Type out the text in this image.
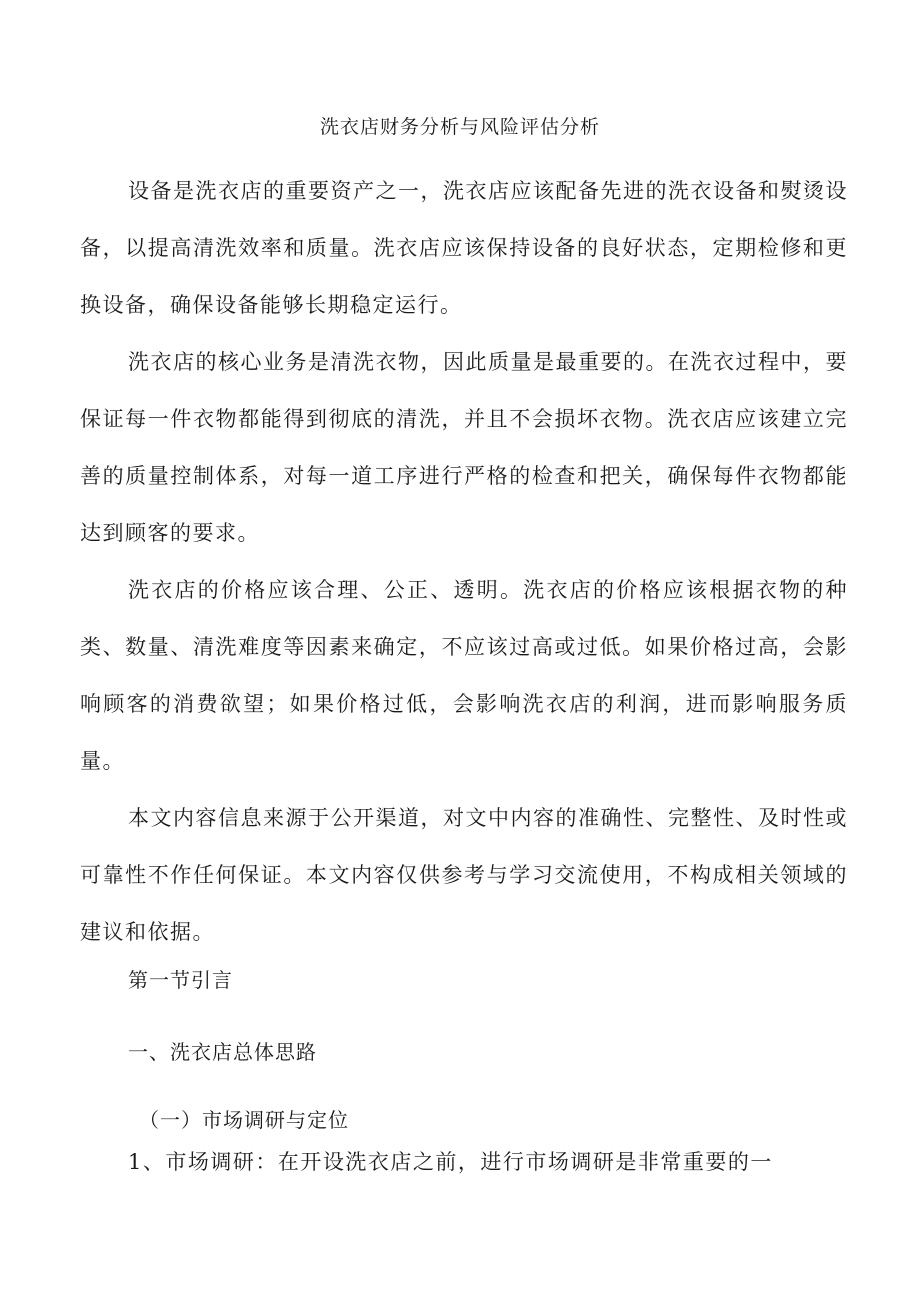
洗衣店财务分析与风险评估分析

设备是洗衣店的重要资产之一，洗衣店应该配备先进的洗衣设备和熨烫设备，以提高清洗效率和质量。洗衣店应该保持设备的良好状态，定期检修和更换设备，确保设备能够长期稳定运行。

洗衣店的核心业务是清洗衣物，因此质量是最重要的。在洗衣过程中，要保证每一件衣物都能得到彻底的清洗，并且不会损坏衣物。洗衣店应该建立完善的质量控制体系，对每一道工序进行严格的检查和把关，确保每件衣物都能达到顾客的要求。

洗衣店的价格应该合理、公正、透明。洗衣店的价格应该根据衣物的种类、数量、清洗难度等因素来确定，不应该过高或过低。如果价格过高，会影响顾客的消费欲望；如果价格过低，会影响洗衣店的利润，进而影响服务质量。

本文内容信息来源于公开渠道，对文中内容的准确性、完整性、及时性或可靠性不作任何保证。本文内容仅供参考与学习交流使用，不构成相关领域的建议和依据。

第一节引言
一、洗衣店总体思路
（一）市场调研与定位

1、市场调研：在开设洗衣店之前，进行市场调研是非常重要的一
